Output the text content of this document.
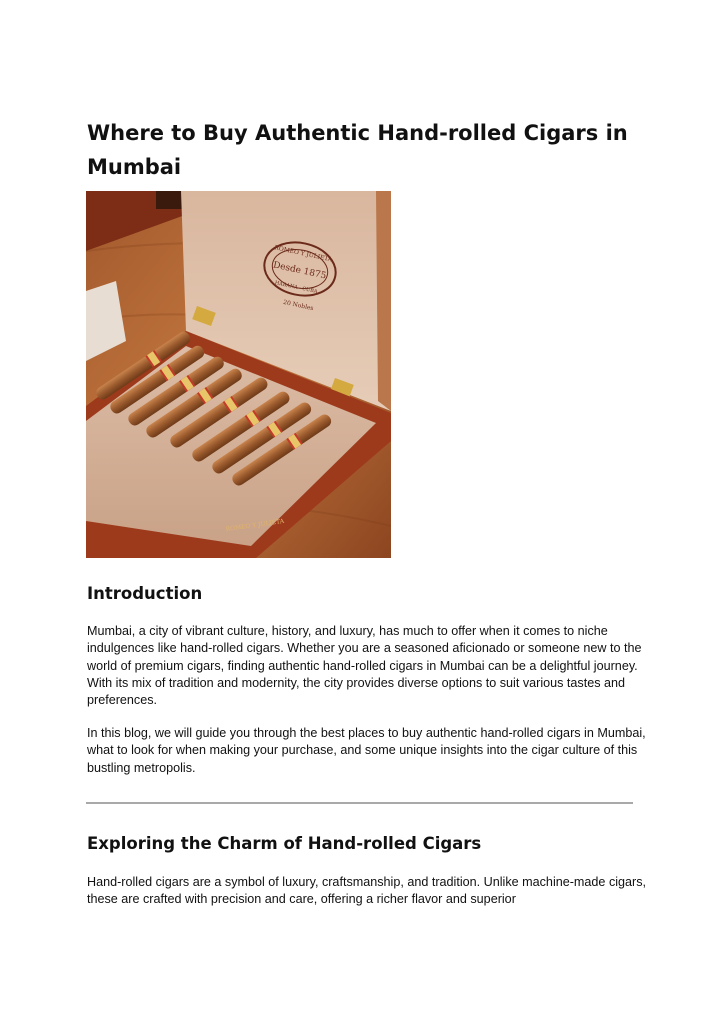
Where to Buy Authentic Hand-rolled Cigars in Mumbai
Desde 1875
ROMEO Y JULIETA
HABANA · CUBA
20 Nobles
ROMEO Y JULIETA
Introduction

Mumbai, a city of vibrant culture, history, and luxury, has much to offer when it comes to niche indulgences like hand-rolled cigars. Whether you are a seasoned aficionado or someone new to the world of premium cigars, finding authentic hand-rolled cigars in Mumbai can be a delightful journey. With its mix of tradition and modernity, the city provides diverse options to suit various tastes and preferences.

In this blog, we will guide you through the best places to buy authentic hand-rolled cigars in Mumbai, what to look for when making your purchase, and some unique insights into the cigar culture of this bustling metropolis.

Exploring the Charm of Hand-rolled Cigars

Hand-rolled cigars are a symbol of luxury, craftsmanship, and tradition. Unlike machine-made cigars, these are crafted with precision and care, offering a richer flavor and superior
